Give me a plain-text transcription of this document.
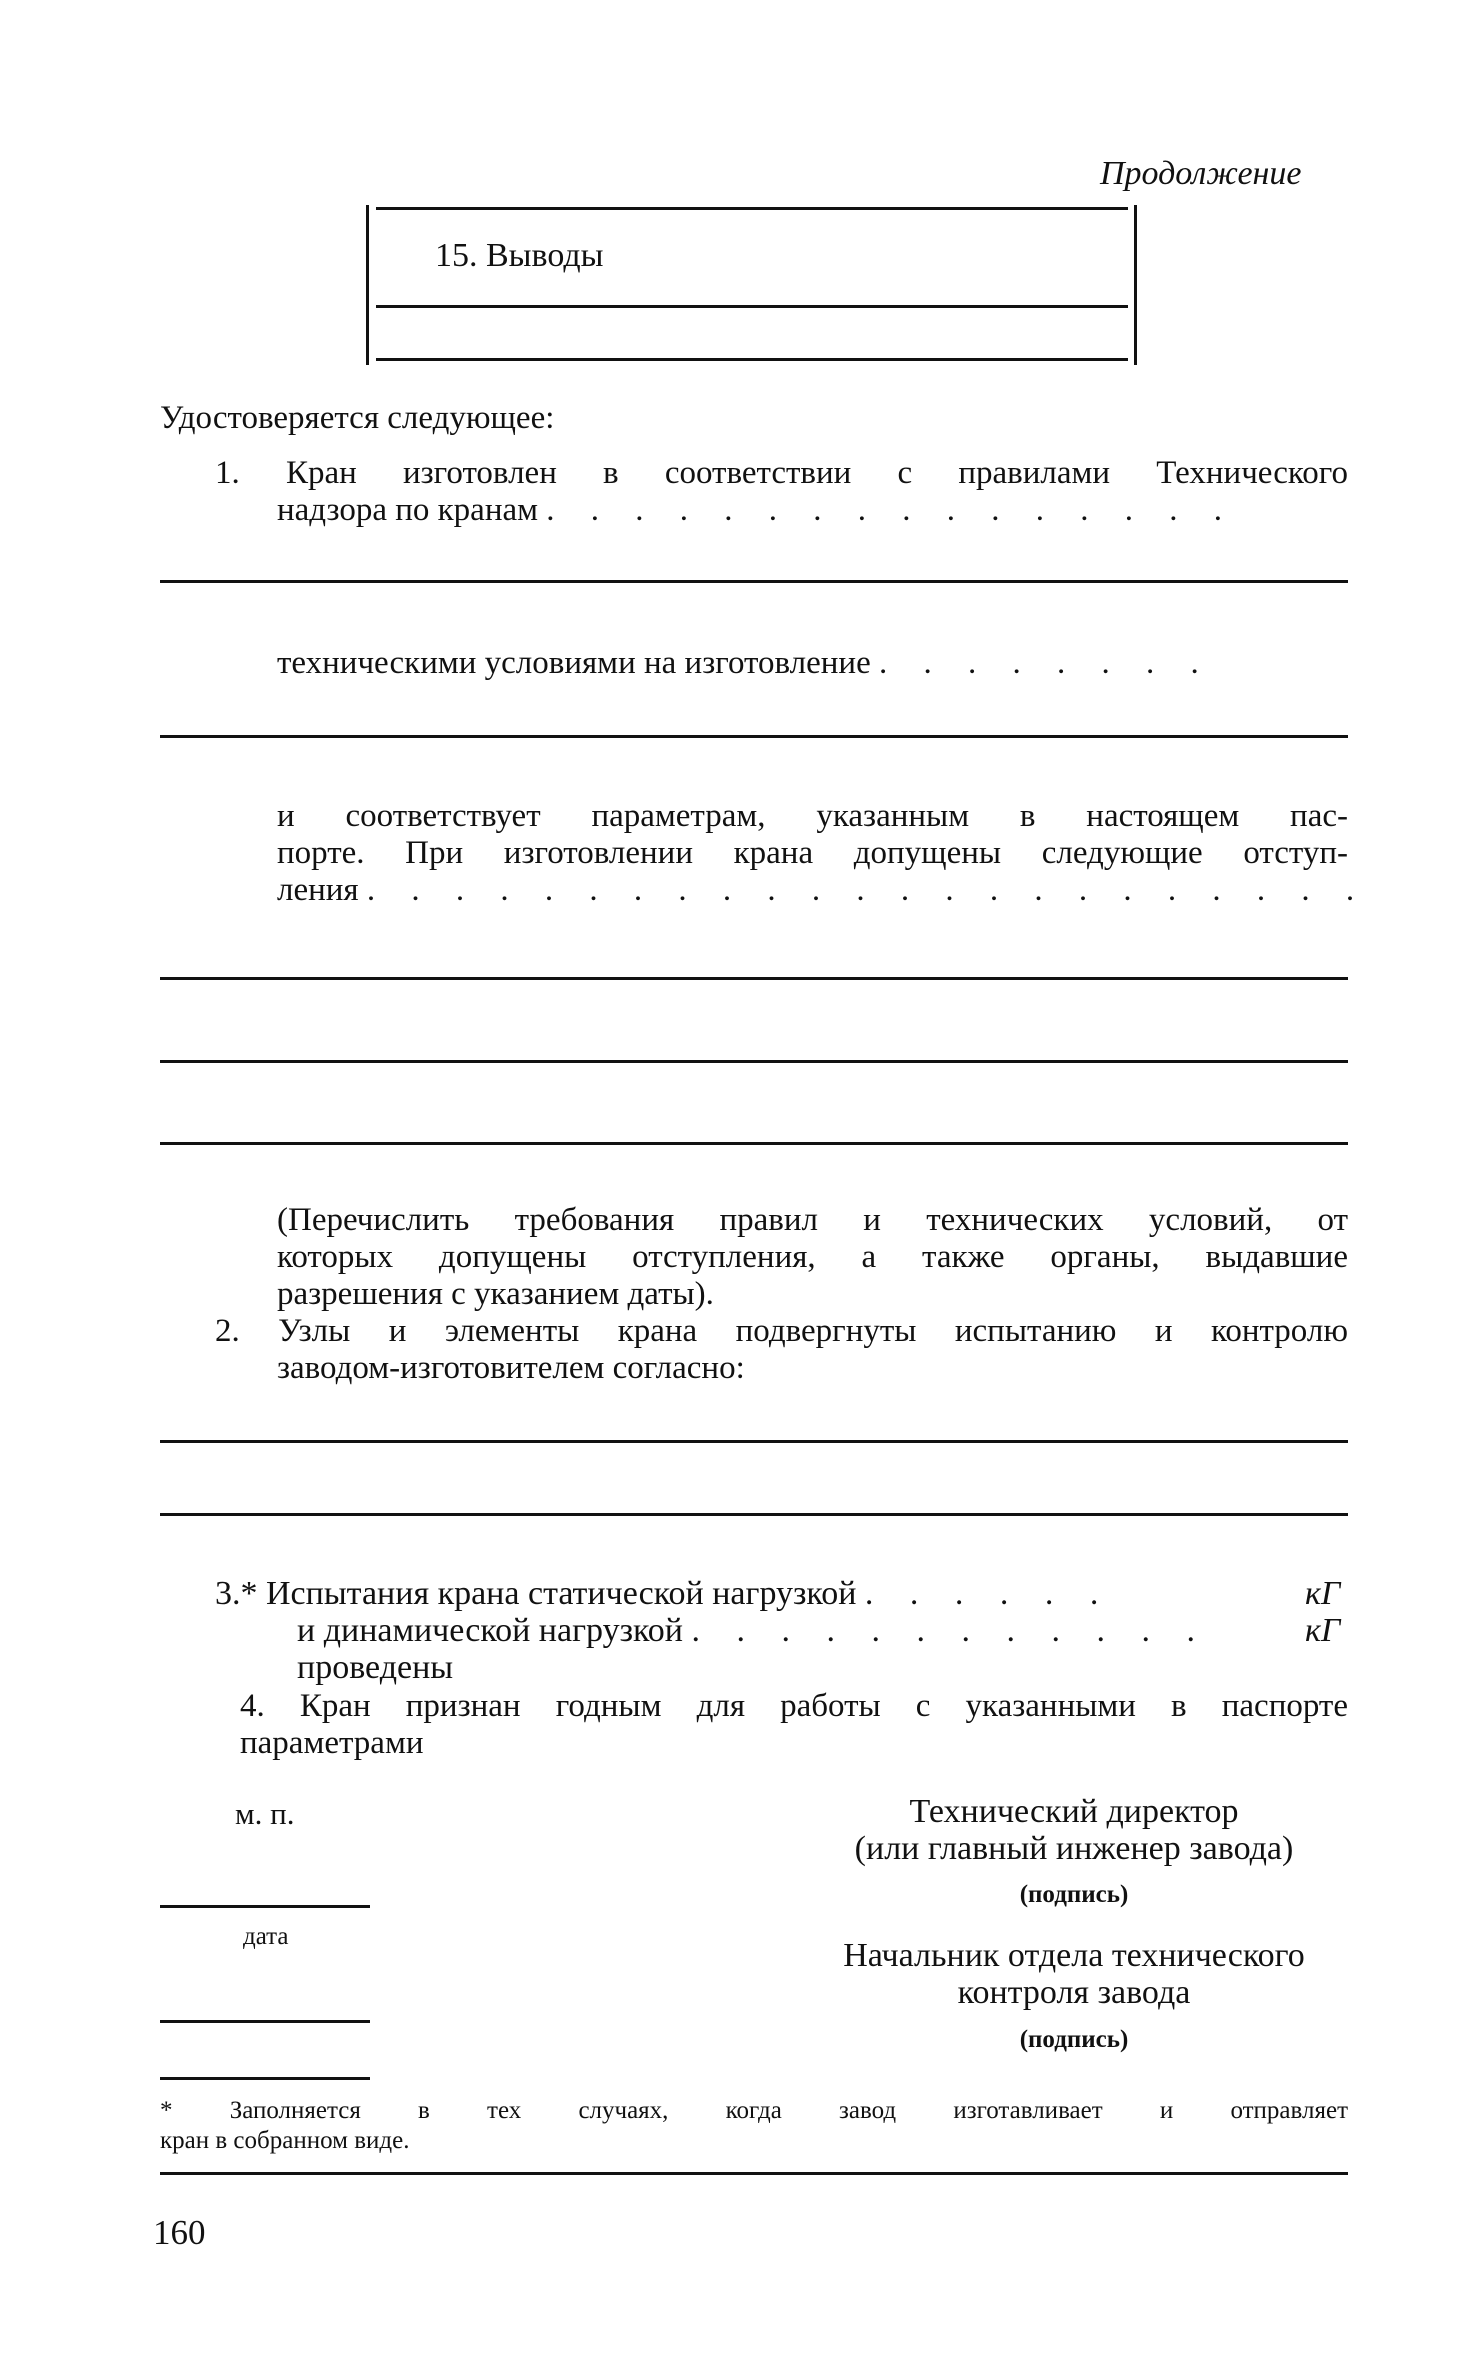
Продолжение
15. Выводы
Удостоверяется следующее:
1. Кран изготовлен в соответствии с правилами Технического
надзора по кранам . . . . . . . . . . . . . . . .
техническими условиями на изготовление . . . . . . . .
и соответствует параметрам, указанным в настоящем пас-
порте. При изготовлении крана допущены следующие отступ-
ления . . . . . . . . . . . . . . . . . . . . . . .
(Перечислить требования правил и технических условий, от
которых допущены отступления, а также органы, выдавшие
разрешения с указанием даты).
2. Узлы и элементы крана подвергнуты испытанию и контролю
заводом-изготовителем согласно:
3.* Испытания крана статической нагрузкой . . . . . .	кГ
и динамической нагрузкой . . . . . . . . . . . .	кГ
проведены
4. Кран признан годным для работы с указанными в паспорте
параметрами
м. п.	Технический директор
(или главный инженер завода)
(подпись)
дата
Начальник отдела технического
контроля завода
(подпись)
* Заполняется в тех случаях, когда завод изготавливает и отправляет
кран в собранном виде.
160
